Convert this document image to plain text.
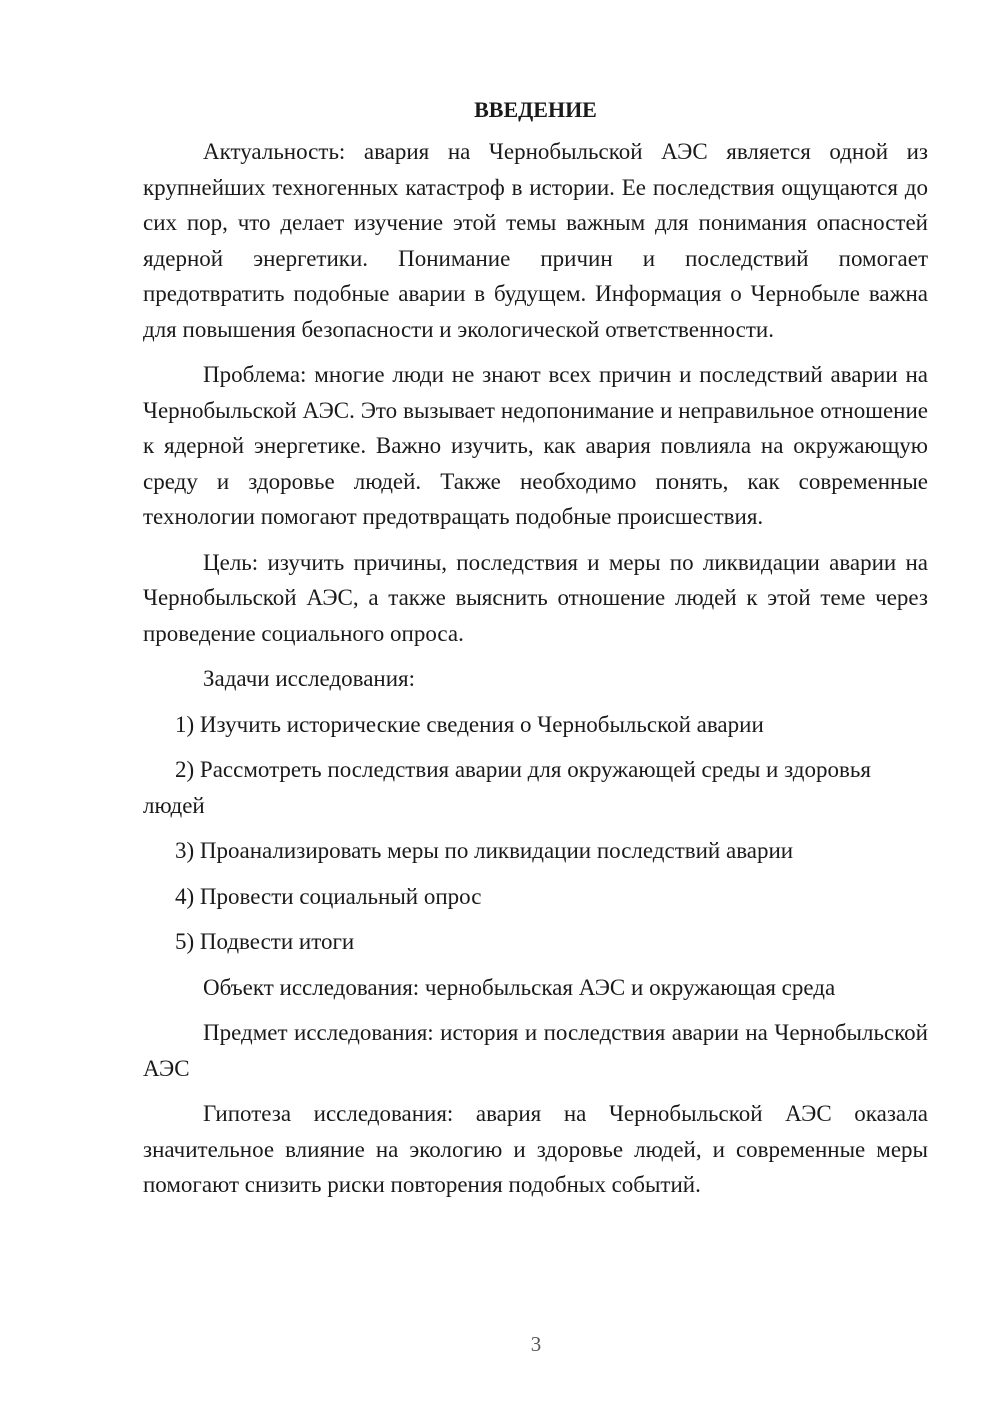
ВВЕДЕНИЕ

Актуальность: авария на Чернобыльской АЭС является одной из крупнейших техногенных катастроф в истории. Ее последствия ощущаются до сих пор, что делает изучение этой темы важным для понимания опасностей ядерной энергетики. Понимание причин и последствий помогает предотвратить подобные аварии в будущем. Информация о Чернобыле важна для повышения безопасности и экологической ответственности.

Проблема: многие люди не знают всех причин и последствий аварии на Чернобыльской АЭС. Это вызывает недопонимание и неправильное отношение к ядерной энергетике. Важно изучить, как авария повлияла на окружающую среду и здоровье людей. Также необходимо понять, как современные технологии помогают предотвращать подобные происшествия.

Цель: изучить причины, последствия и меры по ликвидации аварии на Чернобыльской АЭС, а также выяснить отношение людей к этой теме через проведение социального опроса.

Задачи исследования:

1) Изучить исторические сведения о Чернобыльской аварии

2) Рассмотреть последствия аварии для окружающей среды и здоровья людей

3) Проанализировать меры по ликвидации последствий аварии

4) Провести социальный опрос

5) Подвести итоги

Объект исследования: чернобыльская АЭС и окружающая среда

Предмет исследования: история и последствия аварии на Чернобыльской АЭС

Гипотеза исследования: авария на Чернобыльской АЭС оказала значительное влияние на экологию и здоровье людей, и современные меры помогают снизить риски повторения подобных событий.

3
